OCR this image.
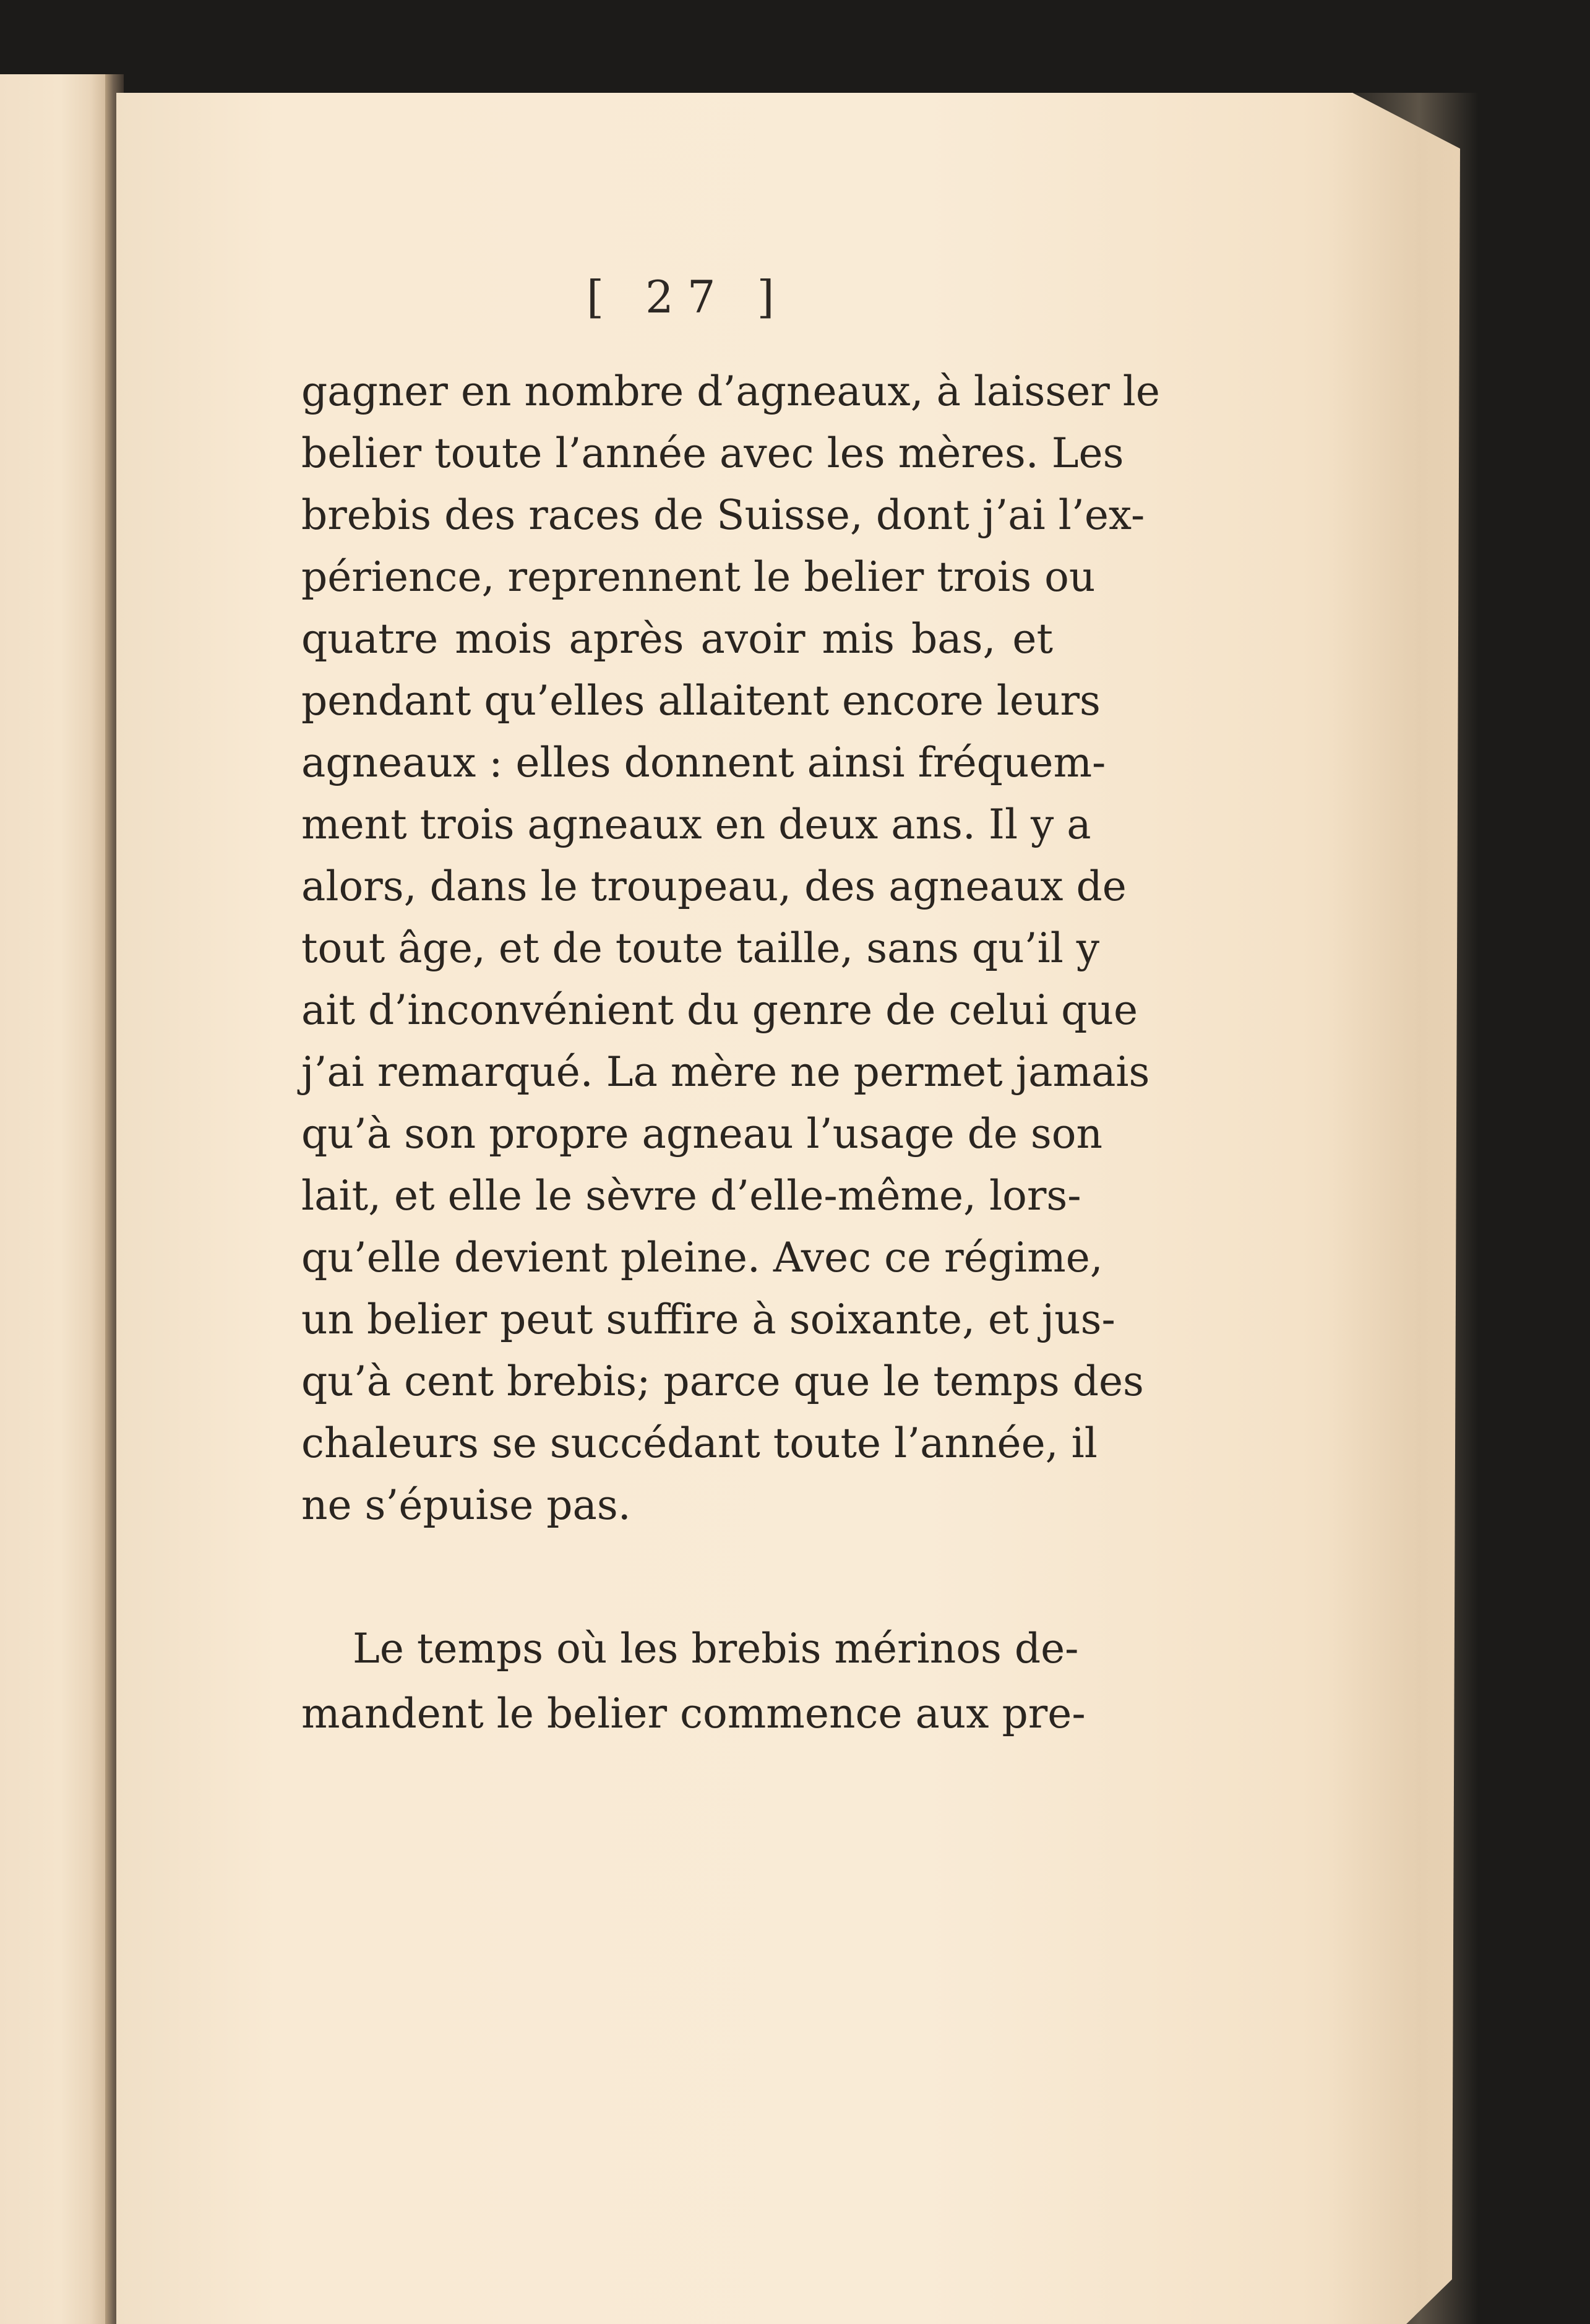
[ 27 ]
gagner en nombre d’agneaux, à laisser le
belier toute l’année avec les mères. Les
brebis des races de Suisse, dont j’ai l’ex-
périence, reprennent le belier trois ou
quatre mois après avoir mis bas, et
pendant qu’elles allaitent encore leurs
agneaux : elles donnent ainsi fréquem-
ment trois agneaux en deux ans. Il y a
alors, dans le troupeau, des agneaux de
tout âge, et de toute taille, sans qu’il y
ait d’inconvénient du genre de celui que
j’ai remarqué. La mère ne permet jamais
qu’à son propre agneau l’usage de son
lait, et elle le sèvre d’elle-même, lors-
qu’elle devient pleine. Avec ce régime,
un belier peut suffire à soixante, et jus-
qu’à cent brebis; parce que le temps des
chaleurs se succédant toute l’année, il
ne s’épuise pas.
Le temps où les brebis mérinos de-
mandent le belier commence aux pre-
